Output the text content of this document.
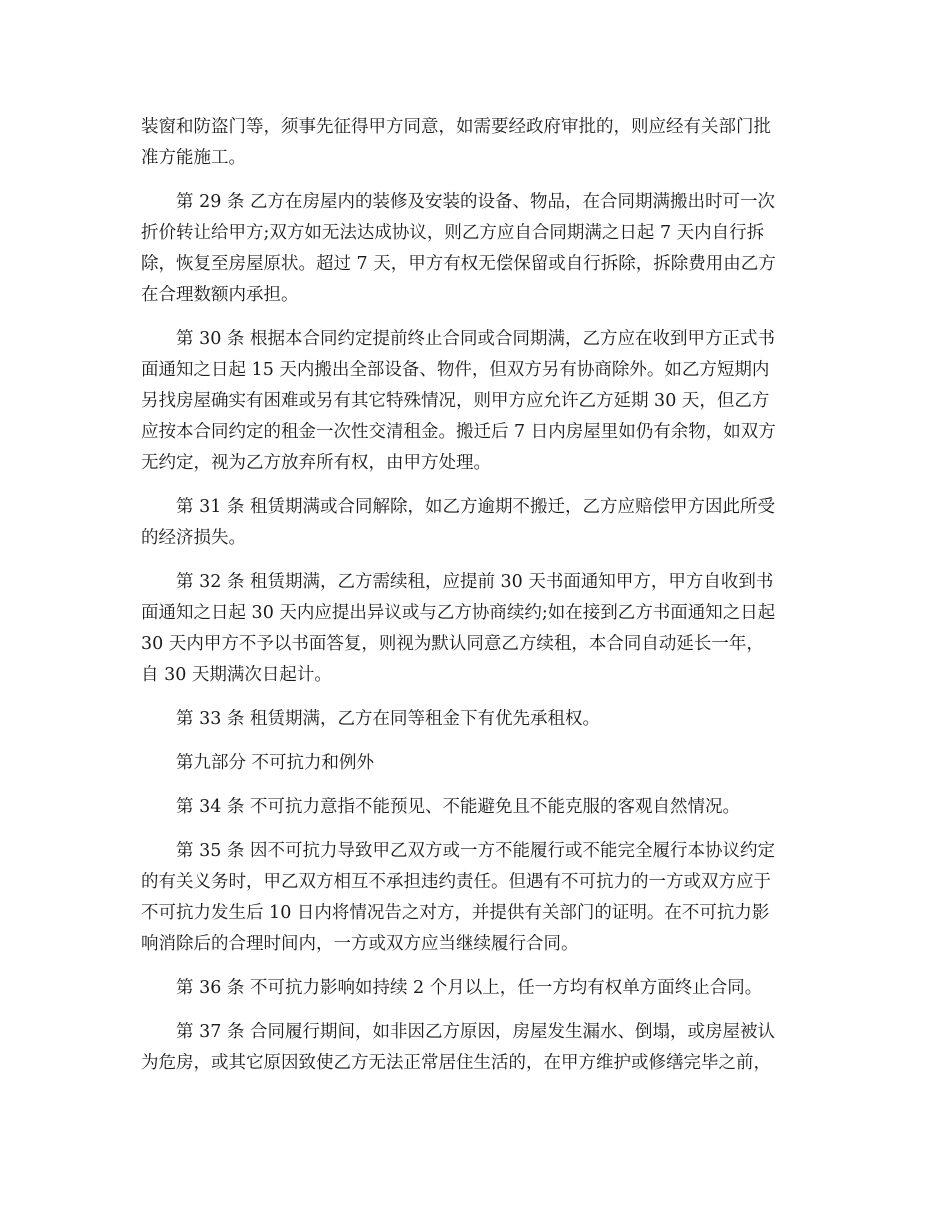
装窗和防盗门等，须事先征得甲方同意，如需要经政府审批的，则应经有关部门批
准方能施工。

第 29 条 乙方在房屋内的装修及安装的设备、物品，在合同期满搬出时可一次
折价转让给甲方;双方如无法达成协议，则乙方应自合同期满之日起 7 天内自行拆
除，恢复至房屋原状。超过 7 天，甲方有权无偿保留或自行拆除，拆除费用由乙方
在合理数额内承担。

第 30 条 根据本合同约定提前终止合同或合同期满，乙方应在收到甲方正式书
面通知之日起 15 天内搬出全部设备、物件，但双方另有协商除外。如乙方短期内
另找房屋确实有困难或另有其它特殊情况，则甲方应允许乙方延期 30 天，但乙方
应按本合同约定的租金一次性交清租金。搬迁后 7 日内房屋里如仍有余物，如双方
无约定，视为乙方放弃所有权，由甲方处理。

第 31 条 租赁期满或合同解除，如乙方逾期不搬迁，乙方应赔偿甲方因此所受
的经济损失。

第 32 条 租赁期满，乙方需续租，应提前 30 天书面通知甲方，甲方自收到书
面通知之日起 30 天内应提出异议或与乙方协商续约;如在接到乙方书面通知之日起
30 天内甲方不予以书面答复，则视为默认同意乙方续租，本合同自动延长一年，
自 30 天期满次日起计。

第 33 条 租赁期满，乙方在同等租金下有优先承租权。

第九部分 不可抗力和例外

第 34 条 不可抗力意指不能预见、不能避免且不能克服的客观自然情况。

第 35 条 因不可抗力导致甲乙双方或一方不能履行或不能完全履行本协议约定
的有关义务时，甲乙双方相互不承担违约责任。但遇有不可抗力的一方或双方应于
不可抗力发生后 10 日内将情况告之对方，并提供有关部门的证明。在不可抗力影
响消除后的合理时间内，一方或双方应当继续履行合同。

第 36 条 不可抗力影响如持续 2 个月以上，任一方均有权单方面终止合同。

第 37 条 合同履行期间，如非因乙方原因，房屋发生漏水、倒塌，或房屋被认
为危房，或其它原因致使乙方无法正常居住生活的，在甲方维护或修缮完毕之前，
